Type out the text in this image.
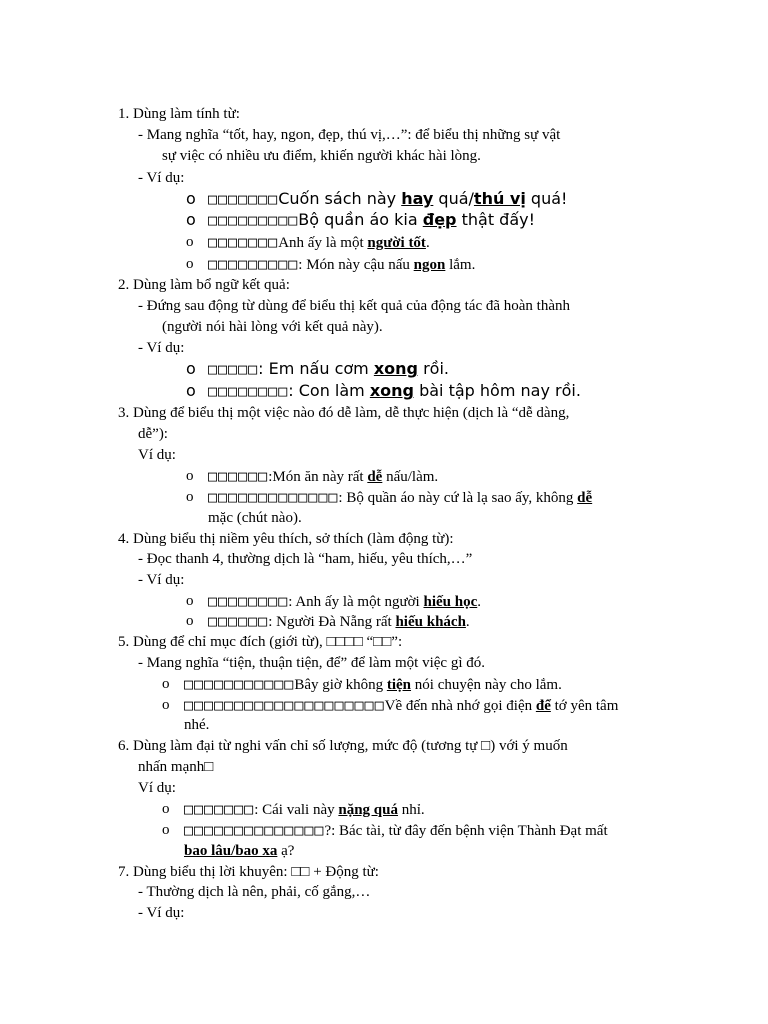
1. Dùng làm tính từ:
- Mang nghĩa “tốt, hay, ngon, đẹp, thú vị,…”: để biểu thị những sự vật
sự việc có nhiều ưu điểm, khiến người khác hài lòng.
- Ví dụ:
o □□□□□□□Cuốn sách này hay quá/thú vị quá!
o □□□□□□□□□Bộ quần áo kia đẹp thật đấy!
o □□□□□□□Anh ấy là một người tốt.
o □□□□□□□□□: Món này cậu nấu ngon lắm.
2. Dùng làm bổ ngữ kết quả:
- Đứng sau động từ dùng để biểu thị kết quả của động tác đã hoàn thành
(người nói hài lòng với kết quả này).
- Ví dụ:
o □□□□□: Em nấu cơm xong rồi.
o □□□□□□□□: Con làm xong bài tập hôm nay rồi.
3. Dùng để biểu thị một việc nào đó dễ làm, dễ thực hiện (dịch là “dễ dàng,
dễ”):
Ví dụ:
o □□□□□□:Món ăn này rất dễ nấu/làm.
o □□□□□□□□□□□□□: Bộ quần áo này cứ là lạ sao ấy, không dễ
mặc (chút nào).
4. Dùng biểu thị niềm yêu thích, sở thích (làm động từ):
- Đọc thanh 4, thường dịch là “ham, hiếu, yêu thích,…”
- Ví dụ:
o □□□□□□□□: Anh ấy là một người hiếu học.
o □□□□□□: Người Đà Nẵng rất hiếu khách.
5. Dùng để chỉ mục đích (giới từ), □□□□ “□□”:
- Mang nghĩa “tiện, thuận tiện, để” để làm một việc gì đó.
o □□□□□□□□□□□Bây giờ không tiện nói chuyện này cho lắm.
o □□□□□□□□□□□□□□□□□□□□Về đến nhà nhớ gọi điện để tớ yên tâm
nhé.
6. Dùng làm đại từ nghi vấn chỉ số lượng, mức độ (tương tự □) với ý muốn
nhấn mạnh□
Ví dụ:
o □□□□□□□: Cái vali này nặng quá nhỉ.
o □□□□□□□□□□□□□□?: Bác tài, từ đây đến bệnh viện Thành Đạt mất
bao lâu/bao xa ạ?
7. Dùng biểu thị lời khuyên: □□ + Động từ:
- Thường dịch là nên, phải, cố gắng,…
- Ví dụ:
